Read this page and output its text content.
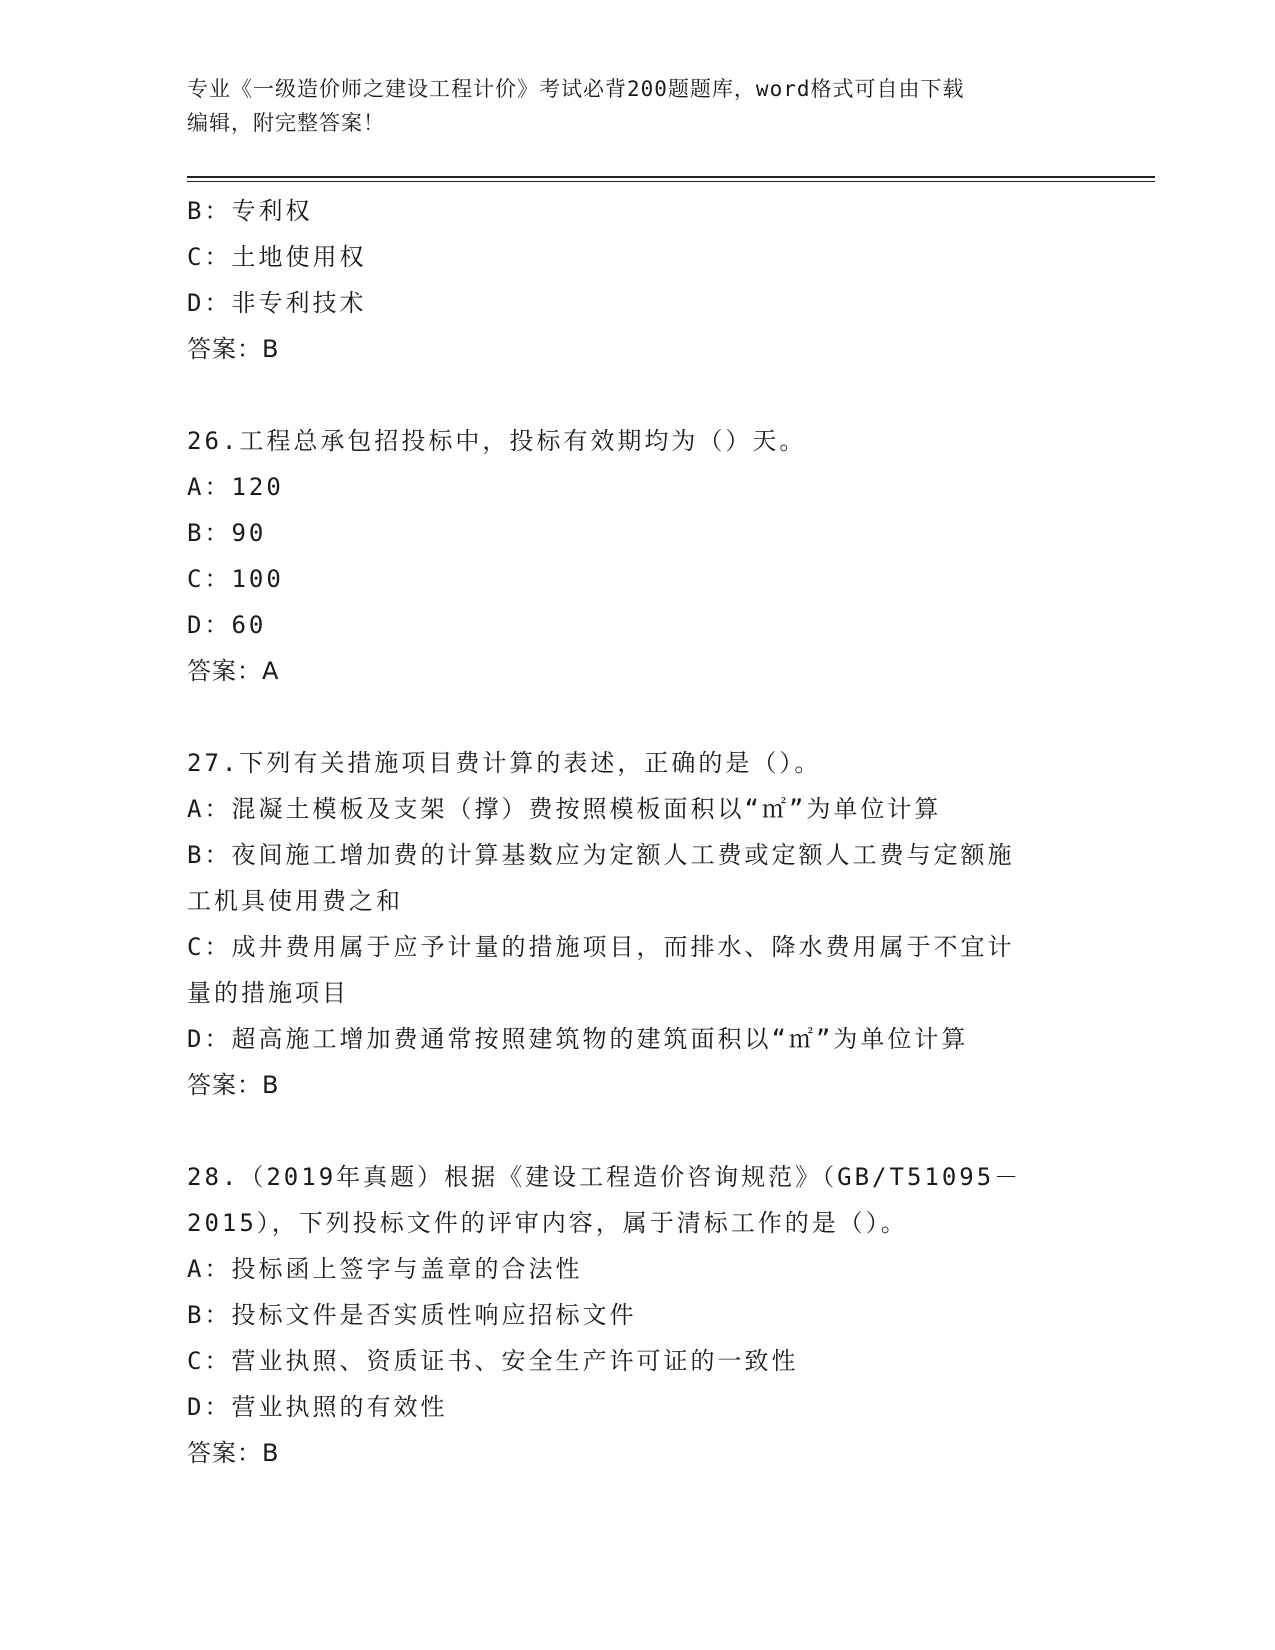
专业《一级造价师之建设工程计价》考试必背200题题库，word格式可自由下载
编辑，附完整答案！
B：专利权
C：土地使用权
D：非专利技术
答案：B
26.工程总承包招投标中，投标有效期均为（）天。
A：120
B：90
C：100
D：60
答案：A
27.下列有关措施项目费计算的表述，正确的是（）。
A：混凝土模板及支架（撑）费按照模板面积以“㎡”为单位计算
B：夜间施工增加费的计算基数应为定额人工费或定额人工费与定额施
工机具使用费之和
C：成井费用属于应予计量的措施项目，而排水、降水费用属于不宜计
量的措施项目
D：超高施工增加费通常按照建筑物的建筑面积以“㎡”为单位计算
答案：B
28.（2019年真题）根据《建设工程造价咨询规范》（GB/T51095－
2015），下列投标文件的评审内容，属于清标工作的是（）。
A：投标函上签字与盖章的合法性
B：投标文件是否实质性响应招标文件
C：营业执照、资质证书、安全生产许可证的一致性
D：营业执照的有效性
答案：B
